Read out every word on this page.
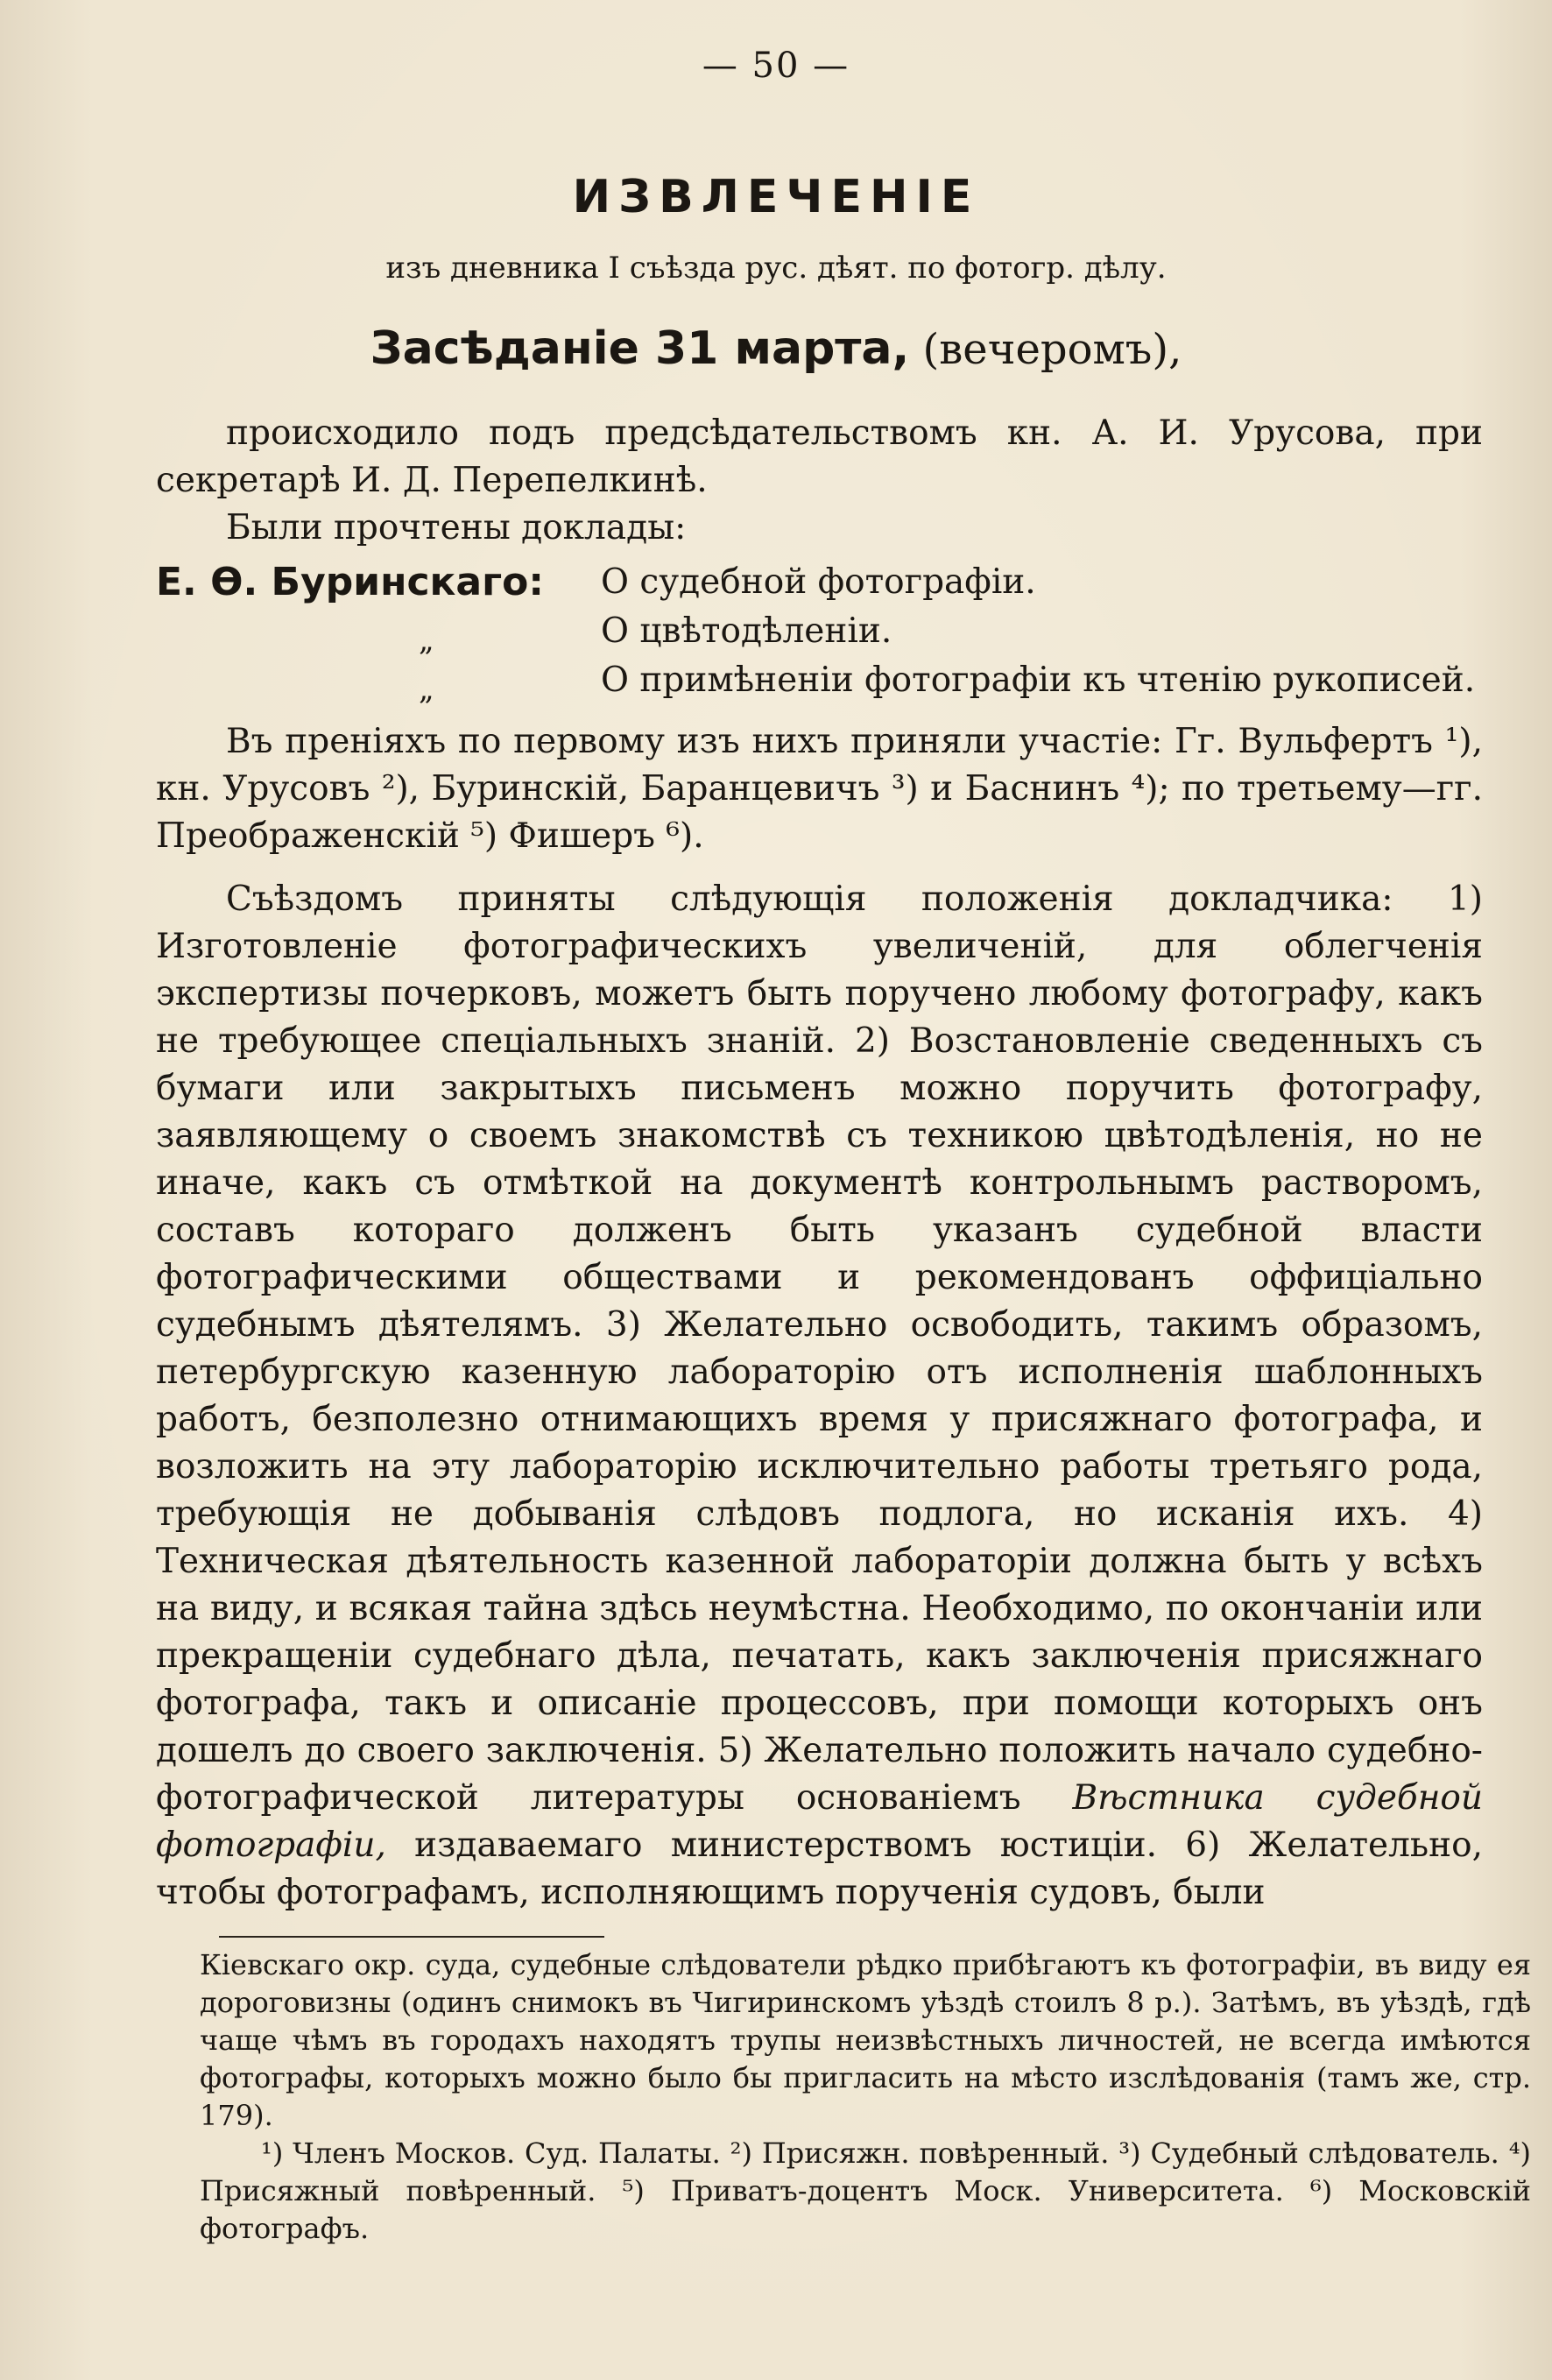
— 50 —
ИЗВЛЕЧЕНIЕ
изъ дневника I съѣзда рус. дѣят. по фотогр. дѣлу.
Засѣданіе 31 марта, (вечеромъ),
происходило подъ предсѣдательствомъ кн. А. И. Урусова, при секретарѣ И. Д. Перепелкинѣ.
Были прочтены доклады:
Е. Ѳ. Буринскаго: О судебной фотографіи.
„	О цвѣтодѣленіи.
„	О примѣненіи фотографіи къ чтенію рукописей.
Въ преніяхъ по первому изъ нихъ приняли участіе: Гг. Вульфертъ ¹), кн. Урусовъ ²), Буринскій, Баранцевичъ ³) и Баснинъ ⁴); по третьему—гг. Преображенскій ⁵) Фишеръ ⁶).
Съѣздомъ приняты слѣдующія положенія докладчика: 1) Изготовленіе фотографическихъ увеличеній, для облегченія экспертизы почерковъ, можетъ быть поручено любому фотографу, какъ не требующее спеціальныхъ знаній. 2) Возстановленіе сведенныхъ съ бумаги или закрытыхъ письменъ можно поручить фотографу, заявляющему о своемъ знакомствѣ съ техникою цвѣтодѣленія, но не иначе, какъ съ отмѣткой на документѣ контрольнымъ растворомъ, составъ котораго долженъ быть указанъ судебной власти фотографическими обществами и рекомендованъ оффиціально судебнымъ дѣятелямъ. 3) Желательно освободить, такимъ образомъ, петербургскую казенную лабораторію отъ исполненія шаблонныхъ работъ, безполезно отнимающихъ время у присяжнаго фотографа, и возложить на эту лабораторію исключительно работы третьяго рода, требующія не добыванія слѣдовъ подлога, но исканія ихъ. 4) Техническая дѣятельность казенной лабораторіи должна быть у всѣхъ на виду, и всякая тайна здѣсь неумѣстна. Необходимо, по окончаніи или прекращеніи судебнаго дѣла, печатать, какъ заключенія присяжнаго фотографа, такъ и описаніе процессовъ, при помощи которыхъ онъ дошелъ до своего заключенія. 5) Желательно положить начало судебно-фотографической литературы основаніемъ Вѣстника судебной фотографіи, издаваемаго министерствомъ юстиціи. 6) Желательно, чтобы фотографамъ, исполняющимъ порученія судовъ, были
Кіевскаго окр. суда, судебные слѣдователи рѣдко прибѣгаютъ къ фотографіи, въ виду ея дороговизны (одинъ снимокъ въ Чигиринскомъ уѣздѣ стоилъ 8 р.). Затѣмъ, въ уѣздѣ, гдѣ чаще чѣмъ въ городахъ находятъ трупы неизвѣстныхъ личностей, не всегда имѣются фотографы, которыхъ можно было бы пригласить на мѣсто изслѣдованія (тамъ же, стр. 179).
¹) Членъ Москов. Суд. Палаты. ²) Присяжн. повѣренный. ³) Судебный слѣдователь. ⁴) Присяжный повѣренный. ⁵) Приватъ-доцентъ Моск. Университета. ⁶) Московскій фотографъ.
